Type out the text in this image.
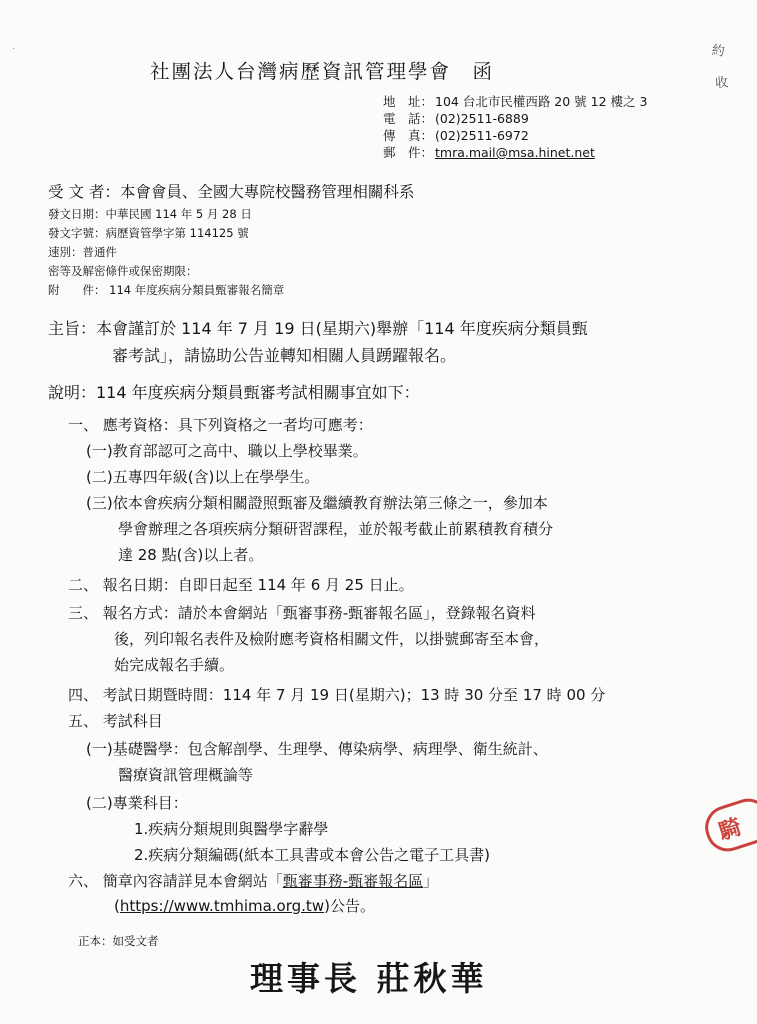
·
社團法人台灣病歷資訊管理學會　函
約
收
地　址： 104 台北市民權西路 20 號 12 樓之 3
電　話： (02)2511-6889
傳　真： (02)2511-6972
郵　件： tmra.mail@msa.hinet.net
受 文 者：本會會員、全國大專院校醫務管理相關科系
發文日期：中華民國 114 年 5 月 28 日
發文字號：病歷資管學字第 114125 號
速別：普通件
密等及解密條件或保密期限：
附　　件： 114 年度疾病分類員甄審報名簡章
主旨：本會謹訂於 114 年 7 月 19 日(星期六)舉辦「114 年度疾病分類員甄
審考試」，請協助公告並轉知相關人員踴躍報名。
說明：114 年度疾病分類員甄審考試相關事宜如下：
一、 應考資格：具下列資格之一者均可應考：
(一)教育部認可之高中、職以上學校畢業。
(二)五專四年級(含)以上在學學生。
(三)依本會疾病分類相關證照甄審及繼續教育辦法第三條之一，參加本
學會辦理之各項疾病分類研習課程，並於報考截止前累積教育積分
達 28 點(含)以上者。
二、 報名日期：自即日起至 114 年 6 月 25 日止。
三、 報名方式：請於本會網站「甄審事務-甄審報名區」，登錄報名資料
後，列印報名表件及檢附應考資格相關文件，以掛號郵寄至本會，
始完成報名手續。
四、 考試日期暨時間：114 年 7 月 19 日(星期六)；13 時 30 分至 17 時 00 分
五、 考試科目
(一)基礎醫學：包含解剖學、生理學、傳染病學、病理學、衛生統計、
醫療資訊管理概論等
(二)專業科目：
1.疾病分類規則與醫學字辭學
2.疾病分類編碼(紙本工具書或本會公告之電子工具書)
六、 簡章內容請詳見本會網站「甄審事務-甄審報名區」
(https://www.tmhima.org.tw)公告。
正本：如受文者
理事長 莊秋華
騎
